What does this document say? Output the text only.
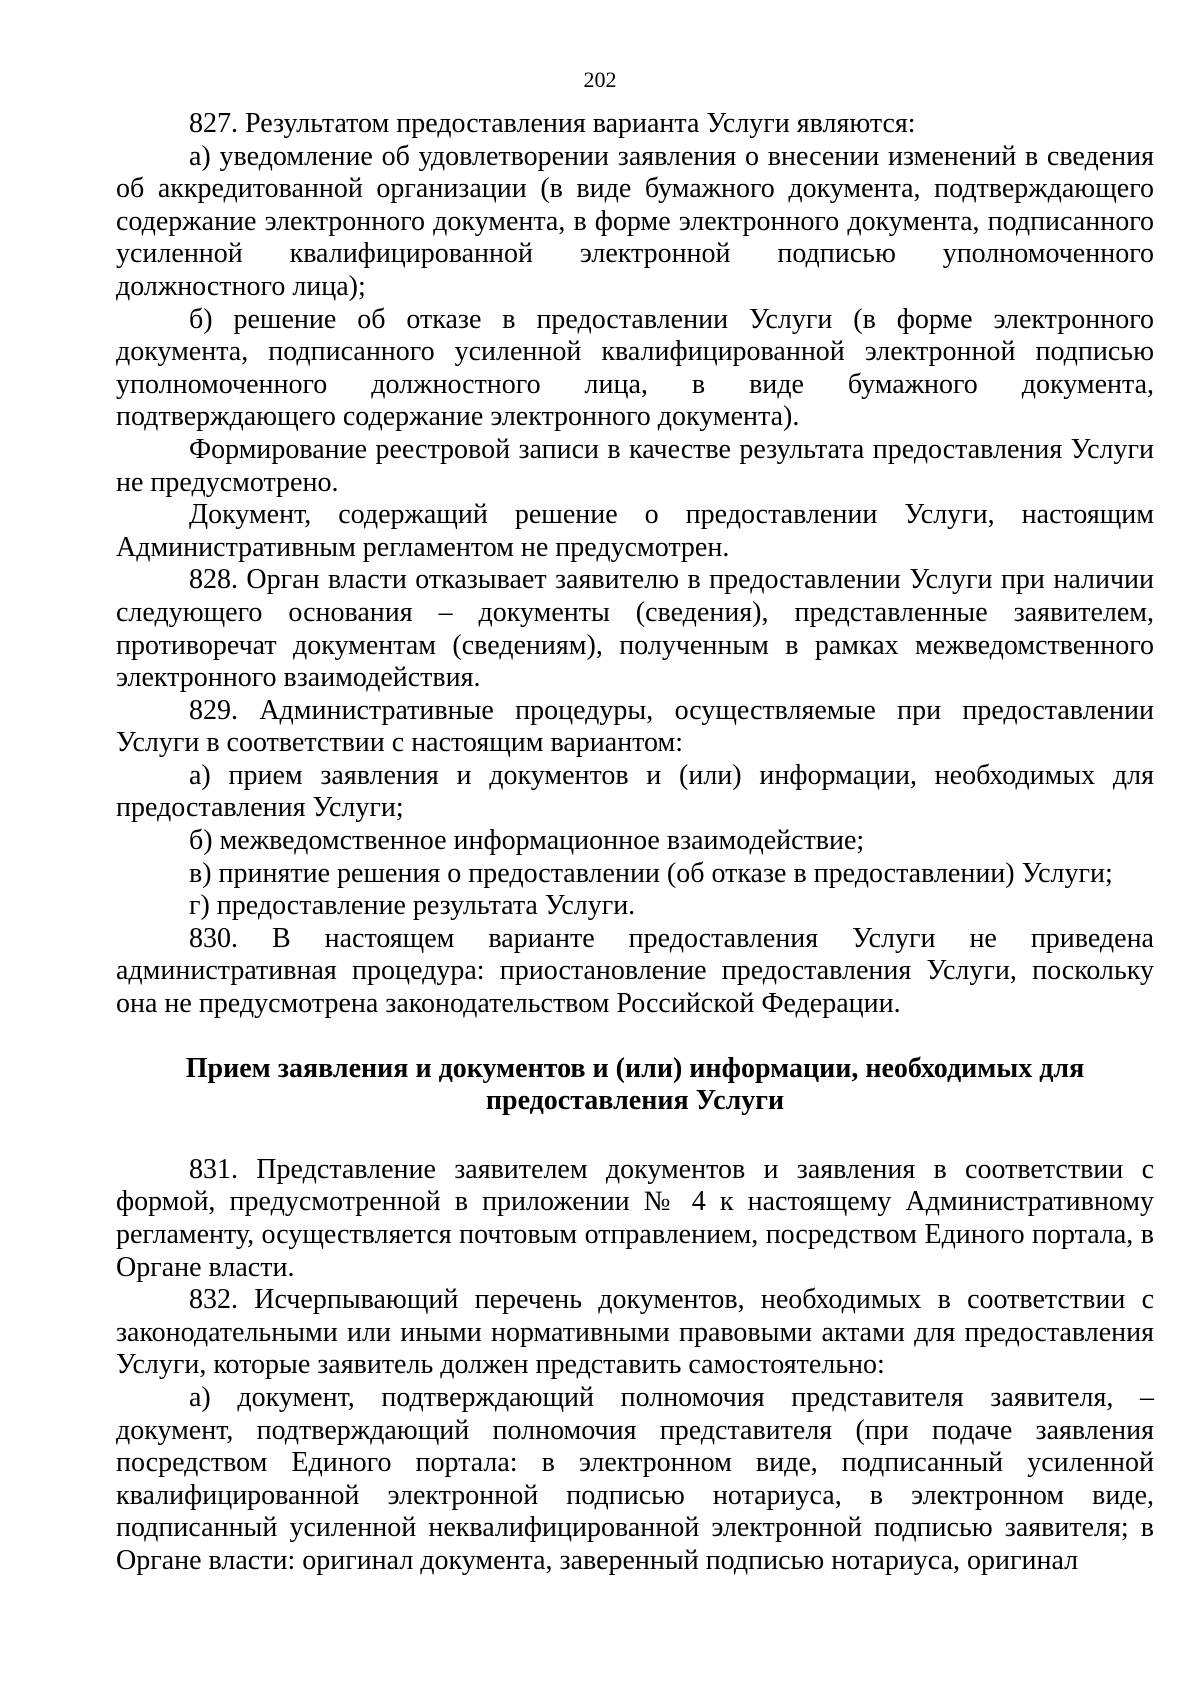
202

827. Результатом предоставления варианта Услуги являются:

а) уведомление об удовлетворении заявления о внесении изменений в сведения об аккредитованной организации (в виде бумажного документа, подтверждающего содержание электронного документа, в форме электронного документа, подписанного усиленной квалифицированной электронной подписью уполномоченного должностного лица);

б) решение об отказе в предоставлении Услуги (в форме электронного документа, подписанного усиленной квалифицированной электронной подписью уполномоченного должностного лица, в виде бумажного документа, подтверждающего содержание электронного документа).

Формирование реестровой записи в качестве результата предоставления Услуги не предусмотрено.

Документ, содержащий решение о предоставлении Услуги, настоящим Административным регламентом не предусмотрен.

828. Орган власти отказывает заявителю в предоставлении Услуги при наличии следующего основания – документы (сведения), представленные заявителем, противоречат документам (сведениям), полученным в рамках межведомственного электронного взаимодействия.

829. Административные процедуры, осуществляемые при предоставлении Услуги в соответствии с настоящим вариантом:

а) прием заявления и документов и (или) информации, необходимых для предоставления Услуги;

б) межведомственное информационное взаимодействие;

в) принятие решения о предоставлении (об отказе в предоставлении) Услуги;

г) предоставление результата Услуги.

830. В настоящем варианте предоставления Услуги не приведена административная процедура: приостановление предоставления Услуги, поскольку она не предусмотрена законодательством Российской Федерации.

Прием заявления и документов и (или) информации, необходимых для
предоставления Услуги

831. Представление заявителем документов и заявления в соответствии с формой, предусмотренной в приложении № 4 к настоящему Административному регламенту, осуществляется почтовым отправлением, посредством Единого портала, в Органе власти.

832. Исчерпывающий перечень документов, необходимых в соответствии с законодательными или иными нормативными правовыми актами для предоставления Услуги, которые заявитель должен представить самостоятельно:

а) документ, подтверждающий полномочия представителя заявителя, – документ, подтверждающий полномочия представителя (при подаче заявления посредством Единого портала: в электронном виде, подписанный усиленной квалифицированной электронной подписью нотариуса, в электронном виде, подписанный усиленной неквалифицированной электронной подписью заявителя; в Органе власти: оригинал документа, заверенный подписью нотариуса, оригинал
